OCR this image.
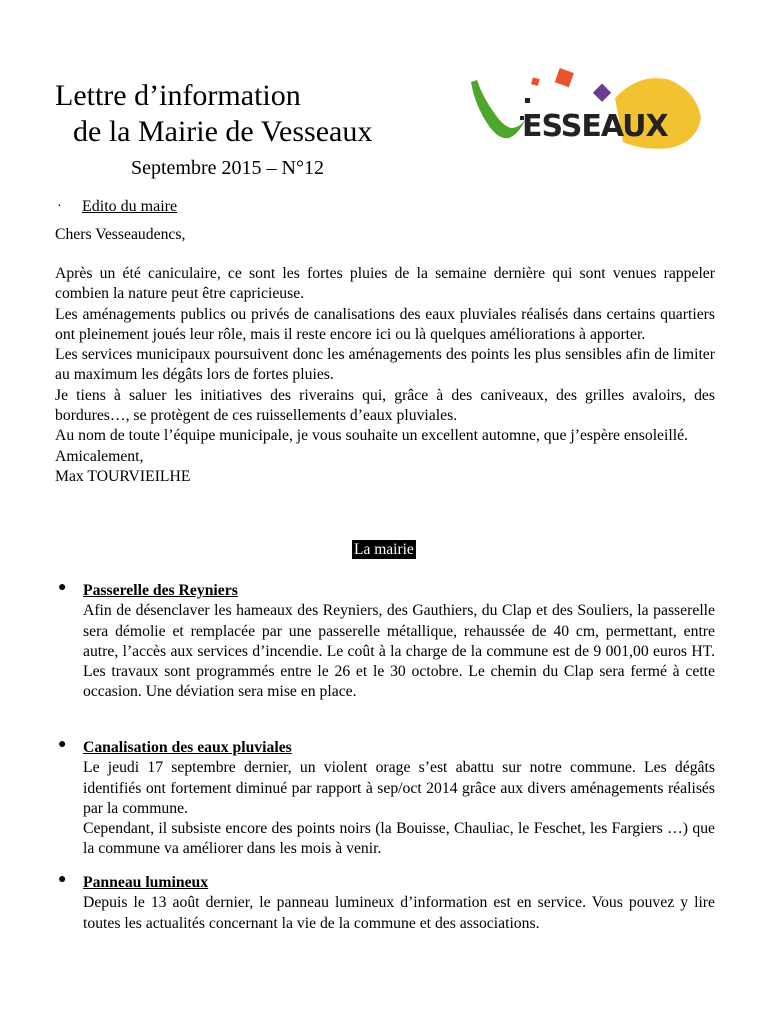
Lettre d’information
de la Mairie de Vesseaux
Septembre 2015 – N°12
ESSEAUX
· Edito du maire

Chers Vesseaudencs,

Après un été caniculaire, ce sont les fortes pluies de la semaine dernière qui sont venues rappeler combien la nature peut être capricieuse.

Les aménagements publics ou privés de canalisations des eaux pluviales réalisés dans certains quartiers ont pleinement joués leur rôle, mais il reste encore ici ou là quelques améliorations à apporter.

Les services municipaux poursuivent donc les aménagements des points les plus sensibles afin de limiter au maximum les dégâts lors de fortes pluies.

Je tiens à saluer les initiatives des riverains qui, grâce à des caniveaux, des grilles avaloirs, des bordures…, se protègent de ces ruissellements d’eaux pluviales.

Au nom de toute l’équipe municipale, je vous souhaite un excellent automne, que j’espère ensoleillé.

Amicalement,

Max TOURVIEILHE

La mairie
● Passerelle des Reyniers

Afin de désenclaver les hameaux des Reyniers, des Gauthiers, du Clap et des Souliers, la passerelle sera démolie et remplacée par une passerelle métallique, rehaussée de 40 cm, permettant, entre autre, l’accès aux services d’incendie. Le coût à la charge de la commune est de 9 001,00 euros HT. Les travaux sont programmés entre le 26 et le 30 octobre. Le chemin du Clap sera fermé à cette occasion. Une déviation sera mise en place.

● Canalisation des eaux pluviales

Le jeudi 17 septembre dernier, un violent orage s’est abattu sur notre commune. Les dégâts identifiés ont fortement diminué par rapport à sep/oct 2014 grâce aux divers aménagements réalisés par la commune.

Cependant, il subsiste encore des points noirs (la Bouisse, Chauliac, le Feschet, les Fargiers …) que la commune va améliorer dans les mois à venir.

● Panneau lumineux

Depuis le 13 août dernier, le panneau lumineux d’information est en service. Vous pouvez y lire toutes les actualités concernant la vie de la commune et des associations.
